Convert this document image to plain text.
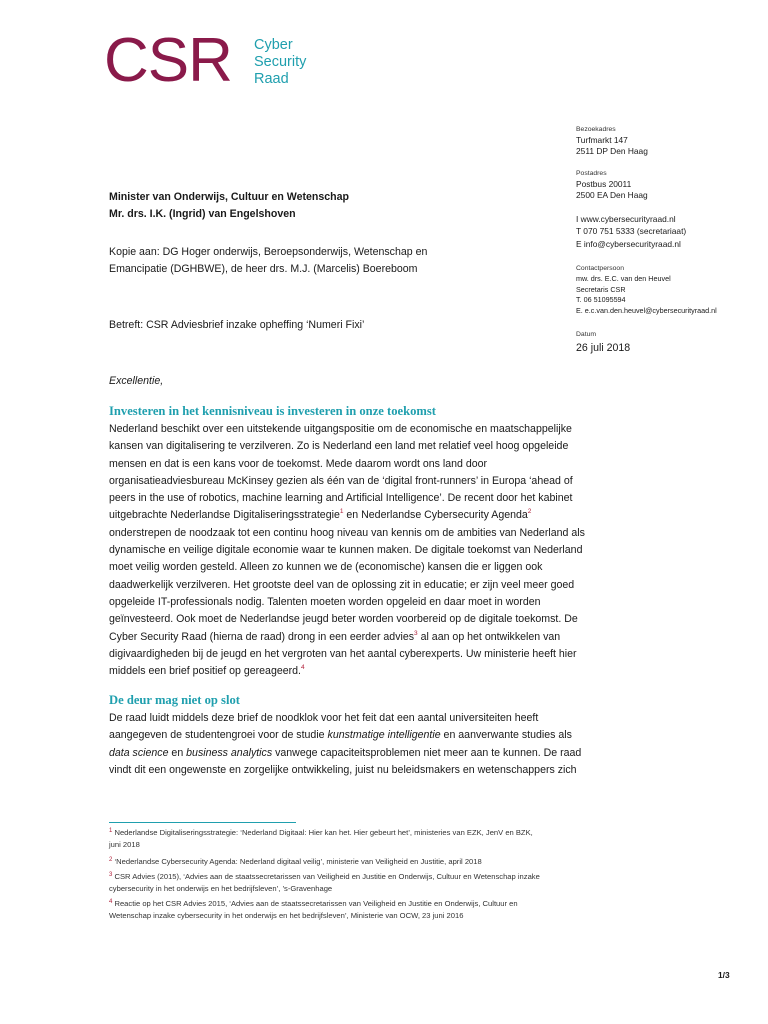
CSR Cyber
Security
Raad
Bezoekadres
Turfmarkt 147
2511 DP Den Haag
Postadres
Postbus 20011
2500 EA Den Haag
I www.cybersecurityraad.nl
T 070 751 5333 (secretariaat)
E info@cybersecurityraad.nl
Contactpersoon
mw. drs. E.C. van den Heuvel
Secretaris CSR
T. 06 51095594
E. e.c.van.den.heuvel@cybersecurityraad.nl
Datum
26 juli 2018
Minister van Onderwijs, Cultuur en Wetenschap
Mr. drs. I.K. (Ingrid) van Engelshoven
Kopie aan: DG Hoger onderwijs, Beroepsonderwijs, Wetenschap en
Emancipatie (DGHBWE), de heer drs. M.J. (Marcelis) Boereboom
Betreft: CSR Adviesbrief inzake opheffing ‘Numeri Fixi’
Excellentie,
Investeren in het kennisniveau is investeren in onze toekomst
Nederland beschikt over een uitstekende uitgangspositie om de economische en maatschappelijke
kansen van digitalisering te verzilveren. Zo is Nederland een land met relatief veel hoog opgeleide
mensen en dat is een kans voor de toekomst. Mede daarom wordt ons land door
organisatieadviesbureau McKinsey gezien als één van de ‘digital front-runners’ in Europa ‘ahead of
peers in the use of robotics, machine learning and Artificial Intelligence’. De recent door het kabinet
uitgebrachte Nederlandse Digitaliseringsstrategie$^1$ en Nederlandse Cybersecurity Agenda$^2$
onderstrepen de noodzaak tot een continu hoog niveau van kennis om de ambities van Nederland als
dynamische en veilige digitale economie waar te kunnen maken. De digitale toekomst van Nederland
moet veilig worden gesteld. Alleen zo kunnen we de (economische) kansen die er liggen ook
daadwerkelijk verzilveren. Het grootste deel van de oplossing zit in educatie; er zijn veel meer goed
opgeleide IT-professionals nodig. Talenten moeten worden opgeleid en daar moet in worden
geïnvesteerd. Ook moet de Nederlandse jeugd beter worden voorbereid op de digitale toekomst. De
Cyber Security Raad (hierna de raad) drong in een eerder advies$^3$ al aan op het ontwikkelen van
digivaardigheden bij de jeugd en het vergroten van het aantal cyberexperts. Uw ministerie heeft hier
middels een brief positief op gereageerd.$^4$
De deur mag niet op slot
De raad luidt middels deze brief de noodklok voor het feit dat een aantal universiteiten heeft
aangegeven de studentengroei voor de studie kunstmatige intelligentie en aanverwante studies als
data science en business analytics vanwege capaciteitsproblemen niet meer aan te kunnen. De raad
vindt dit een ongewenste en zorgelijke ontwikkeling, juist nu beleidsmakers en wetenschappers zich
$^1$ Nederlandse Digitaliseringsstrategie: ‘Nederland Digitaal: Hier kan het. Hier gebeurt het’, ministeries van EZK, JenV en BZK,
juni 2018
$^2$ ‘Nederlandse Cybersecurity Agenda: Nederland digitaal veilig’, ministerie van Veiligheid en Justitie, april 2018
$^3$ CSR Advies (2015), ‘Advies aan de staatssecretarissen van Veiligheid en Justitie en Onderwijs, Cultuur en Wetenschap inzake
cybersecurity in het onderwijs en het bedrijfsleven’, ’s-Gravenhage
$^4$ Reactie op het CSR Advies 2015, ‘Advies aan de staatssecretarissen van Veiligheid en Justitie en Onderwijs, Cultuur en
Wetenschap inzake cybersecurity in het onderwijs en het bedrijfsleven’, Ministerie van OCW, 23 juni 2016
1/3
